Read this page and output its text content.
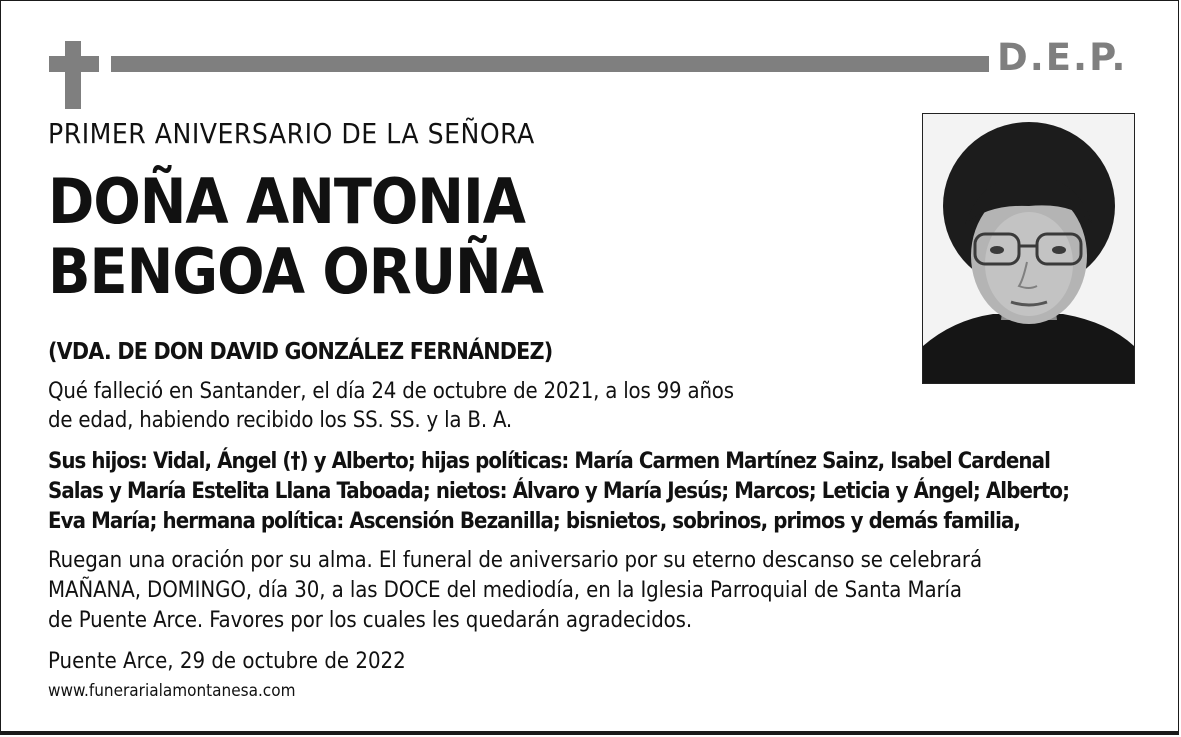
D.E.P.
PRIMER ANIVERSARIO DE LA SEÑORA
DOÑA ANTONIA
BENGOA ORUÑA
(VDA. DE DON DAVID GONZÁLEZ FERNÁNDEZ)
Qué falleció en Santander, el día 24 de octubre de 2021, a los 99 años
de edad, habiendo recibido los SS. SS. y la B. A.
Sus hijos: Vidal, Ángel (†) y Alberto; hijas políticas: María Carmen Martínez Sainz, Isabel Cardenal
Salas y María Estelita Llana Taboada; nietos: Álvaro y María Jesús; Marcos; Leticia y Ángel; Alberto;
Eva María; hermana política: Ascensión Bezanilla; bisnietos, sobrinos, primos y demás familia,
Ruegan una oración por su alma. El funeral de aniversario por su eterno descanso se celebrará
MAÑANA, DOMINGO, día 30, a las DOCE del mediodía, en la Iglesia Parroquial de Santa María
de Puente Arce. Favores por los cuales les quedarán agradecidos.
Puente Arce, 29 de octubre de 2022
www.funerarialamontanesa.com
